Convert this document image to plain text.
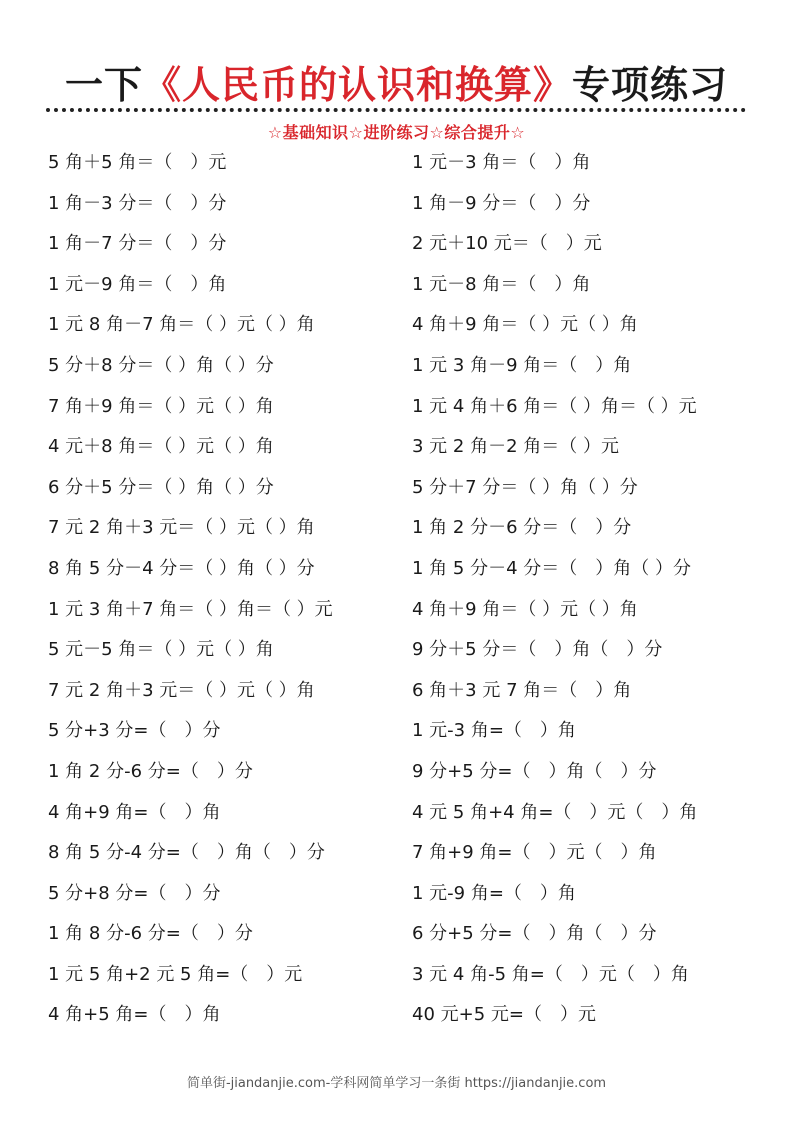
一下《人民币的认识和换算》专项练习
☆基础知识☆进阶练习☆综合提升☆
5 角＋5 角＝（　）元
1 角－3 分＝（　）分
1 角－7 分＝（　）分
1 元－9 角＝（　）角
1 元 8 角－7 角＝（ ）元（ ）角
5 分＋8 分＝（ ）角（ ）分
7 角＋9 角＝（ ）元（ ）角
4 元＋8 角＝（ ）元（ ）角
6 分＋5 分＝（ ）角（ ）分
7 元 2 角＋3 元＝（ ）元（ ）角
8 角 5 分－4 分＝（ ）角（ ）分
1 元 3 角＋7 角＝（ ）角＝（ ）元
5 元－5 角＝（ ）元（ ）角
7 元 2 角＋3 元＝（ ）元（ ）角
5 分+3 分=（　）分
1 角 2 分-6 分=（　）分
4 角+9 角=（　）角
8 角 5 分-4 分=（　）角（　）分
5 分+8 分=（　）分
1 角 8 分-6 分=（　）分
1 元 5 角+2 元 5 角=（　）元
4 角+5 角=（　）角
1 元－3 角＝（　）角
1 角－9 分＝（　）分
2 元＋10 元＝（　）元
1 元－8 角＝（　）角
4 角＋9 角＝（ ）元（ ）角
1 元 3 角－9 角＝（　）角
1 元 4 角＋6 角＝（ ）角＝（ ）元
3 元 2 角－2 角＝（ ）元
5 分＋7 分＝（ ）角（ ）分
1 角 2 分－6 分＝（　）分
1 角 5 分－4 分＝（　）角（ ）分
4 角＋9 角＝（ ）元（ ）角
9 分＋5 分＝（　）角（　）分
6 角＋3 元 7 角＝（　）角
1 元-3 角=（　）角
9 分+5 分=（　）角（　）分
4 元 5 角+4 角=（　）元（　）角
7 角+9 角=（　）元（　）角
1 元-9 角=（　）角
6 分+5 分=（　）角（　）分
3 元 4 角-5 角=（　）元（　）角
40 元+5 元=（　）元
简单街-jiandanjie.com-学科网简单学习一条街 https://jiandanjie.com
